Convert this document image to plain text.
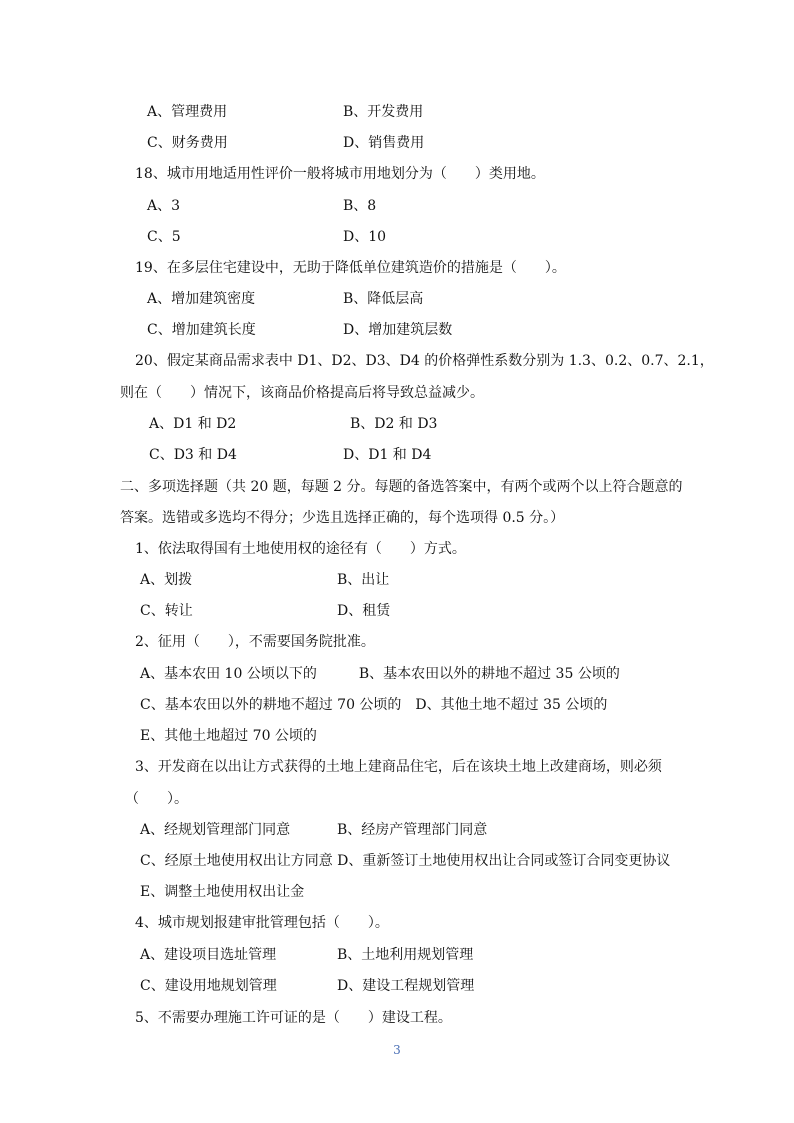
A、管理费用	B、开发费用
C、财务费用	D、销售费用
18、城市用地适用性评价一般将城市用地划分为（　　）类用地。
A、3	B、8
C、5	D、10
19、在多层住宅建设中，无助于降低单位建筑造价的措施是（　　）。
A、增加建筑密度	B、降低层高
C、增加建筑长度	D、增加建筑层数
20、假定某商品需求表中 D1、D2、D3、D4 的价格弹性系数分别为 1.3、0.2、0.7、2.1，
则在（　　）情况下，该商品价格提高后将导致总益减少。
A、D1 和 D2	B、D2 和 D3
C、D3 和 D4	D、D1 和 D4
二、多项选择题（共 20 题，每题 2 分。每题的备选答案中，有两个或两个以上符合题意的
答案。选错或多选均不得分；少选且选择正确的，每个选项得 0.5 分。）
1、依法取得国有土地使用权的途径有（　　）方式。
A、划拨	B、出让
C、转让	D、租赁
2、征用（　　），不需要国务院批准。
A、基本农田 10 公顷以下的　　　B、基本农田以外的耕地不超过 35 公顷的
C、基本农田以外的耕地不超过 70 公顷的　D、其他土地不超过 35 公顷的
E、其他土地超过 70 公顷的
3、开发商在以出让方式获得的土地上建商品住宅，后在该块土地上改建商场，则必须
（　　）。
A、经规划管理部门同意	B、经房产管理部门同意
C、经原土地使用权出让方同意 D、重新签订土地使用权出让合同或签订合同变更协议
E、调整土地使用权出让金
4、城市规划报建审批管理包括（　　）。
A、建设项目选址管理	B、土地利用规划管理
C、建设用地规划管理	D、建设工程规划管理
5、不需要办理施工许可证的是（　　）建设工程。
3
